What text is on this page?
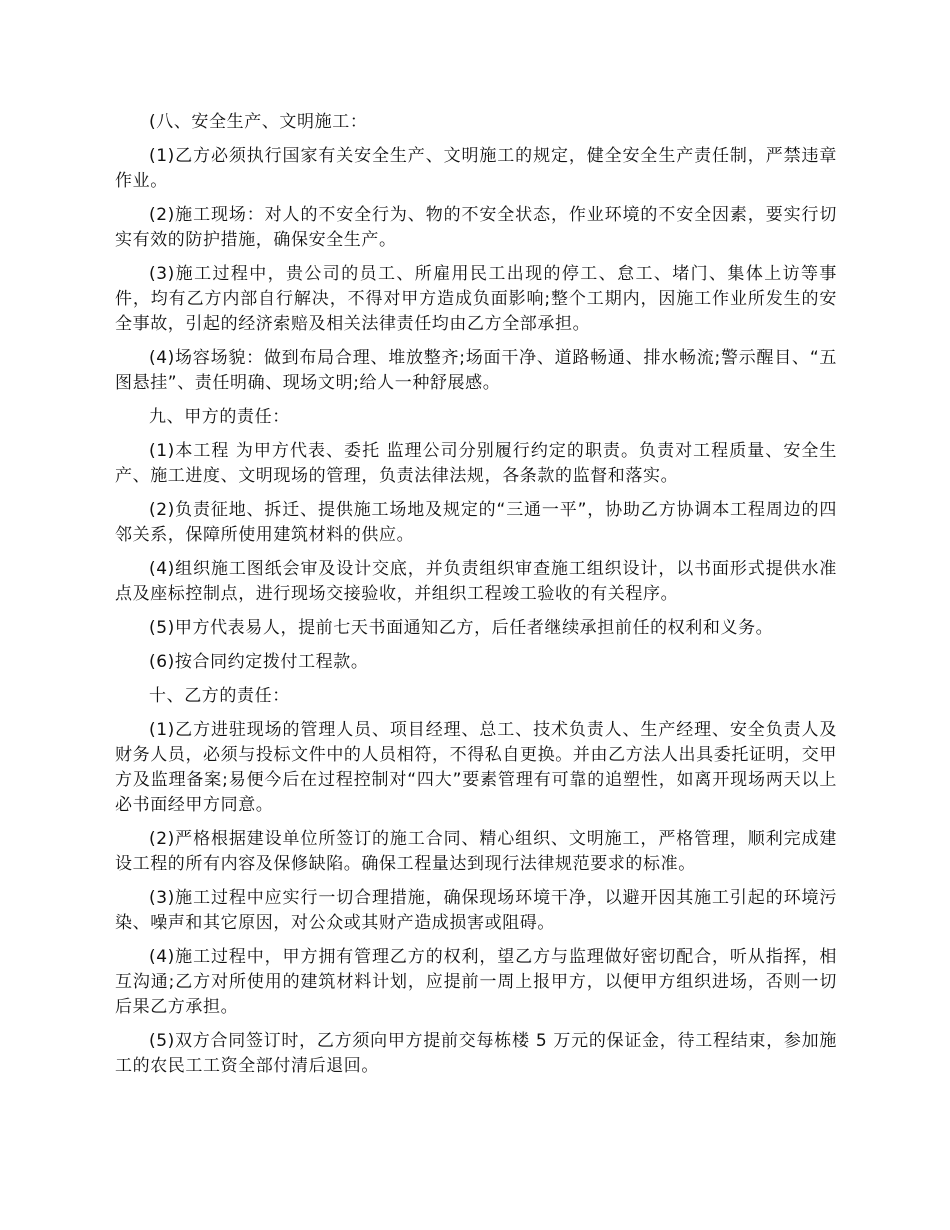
(八、安全生产、文明施工：

(1)乙方必须执行国家有关安全生产、文明施工的规定，健全安全生产责任制，严禁违章作业。

(2)施工现场：对人的不安全行为、物的不安全状态，作业环境的不安全因素，要实行切实有效的防护措施，确保安全生产。

(3)施工过程中，贵公司的员工、所雇用民工出现的停工、怠工、堵门、集体上访等事件，均有乙方内部自行解决，不得对甲方造成负面影响;整个工期内，因施工作业所发生的安全事故，引起的经济索赔及相关法律责任均由乙方全部承担。

(4)场容场貌：做到布局合理、堆放整齐;场面干净、道路畅通、排水畅流;警示醒目、“五图悬挂”、责任明确、现场文明;给人一种舒展感。

九、甲方的责任：

(1)本工程 为甲方代表、委托 监理公司分别履行约定的职责。负责对工程质量、安全生产、施工进度、文明现场的管理，负责法律法规，各条款的监督和落实。

(2)负责征地、拆迁、提供施工场地及规定的“三通一平”，协助乙方协调本工程周边的四邻关系，保障所使用建筑材料的供应。

(4)组织施工图纸会审及设计交底，并负责组织审查施工组织设计，以书面形式提供水准点及座标控制点，进行现场交接验收，并组织工程竣工验收的有关程序。

(5)甲方代表易人，提前七天书面通知乙方，后任者继续承担前任的权利和义务。

(6)按合同约定拨付工程款。

十、乙方的责任：

(1)乙方进驻现场的管理人员、项目经理、总工、技术负责人、生产经理、安全负责人及财务人员，必须与投标文件中的人员相符，不得私自更换。并由乙方法人出具委托证明，交甲方及监理备案;易便今后在过程控制对“四大”要素管理有可靠的追塑性，如离开现场两天以上必书面经甲方同意。

(2)严格根据建设单位所签订的施工合同、精心组织、文明施工，严格管理，顺利完成建设工程的所有内容及保修缺陷。确保工程量达到现行法律规范要求的标准。

(3)施工过程中应实行一切合理措施，确保现场环境干净，以避开因其施工引起的环境污染、噪声和其它原因，对公众或其财产造成损害或阻碍。

(4)施工过程中，甲方拥有管理乙方的权利，望乙方与监理做好密切配合，听从指挥，相互沟通;乙方对所使用的建筑材料计划，应提前一周上报甲方，以便甲方组织进场，否则一切后果乙方承担。

(5)双方合同签订时，乙方须向甲方提前交每栋楼 5 万元的保证金，待工程结束，参加施工的农民工工资全部付清后退回。
